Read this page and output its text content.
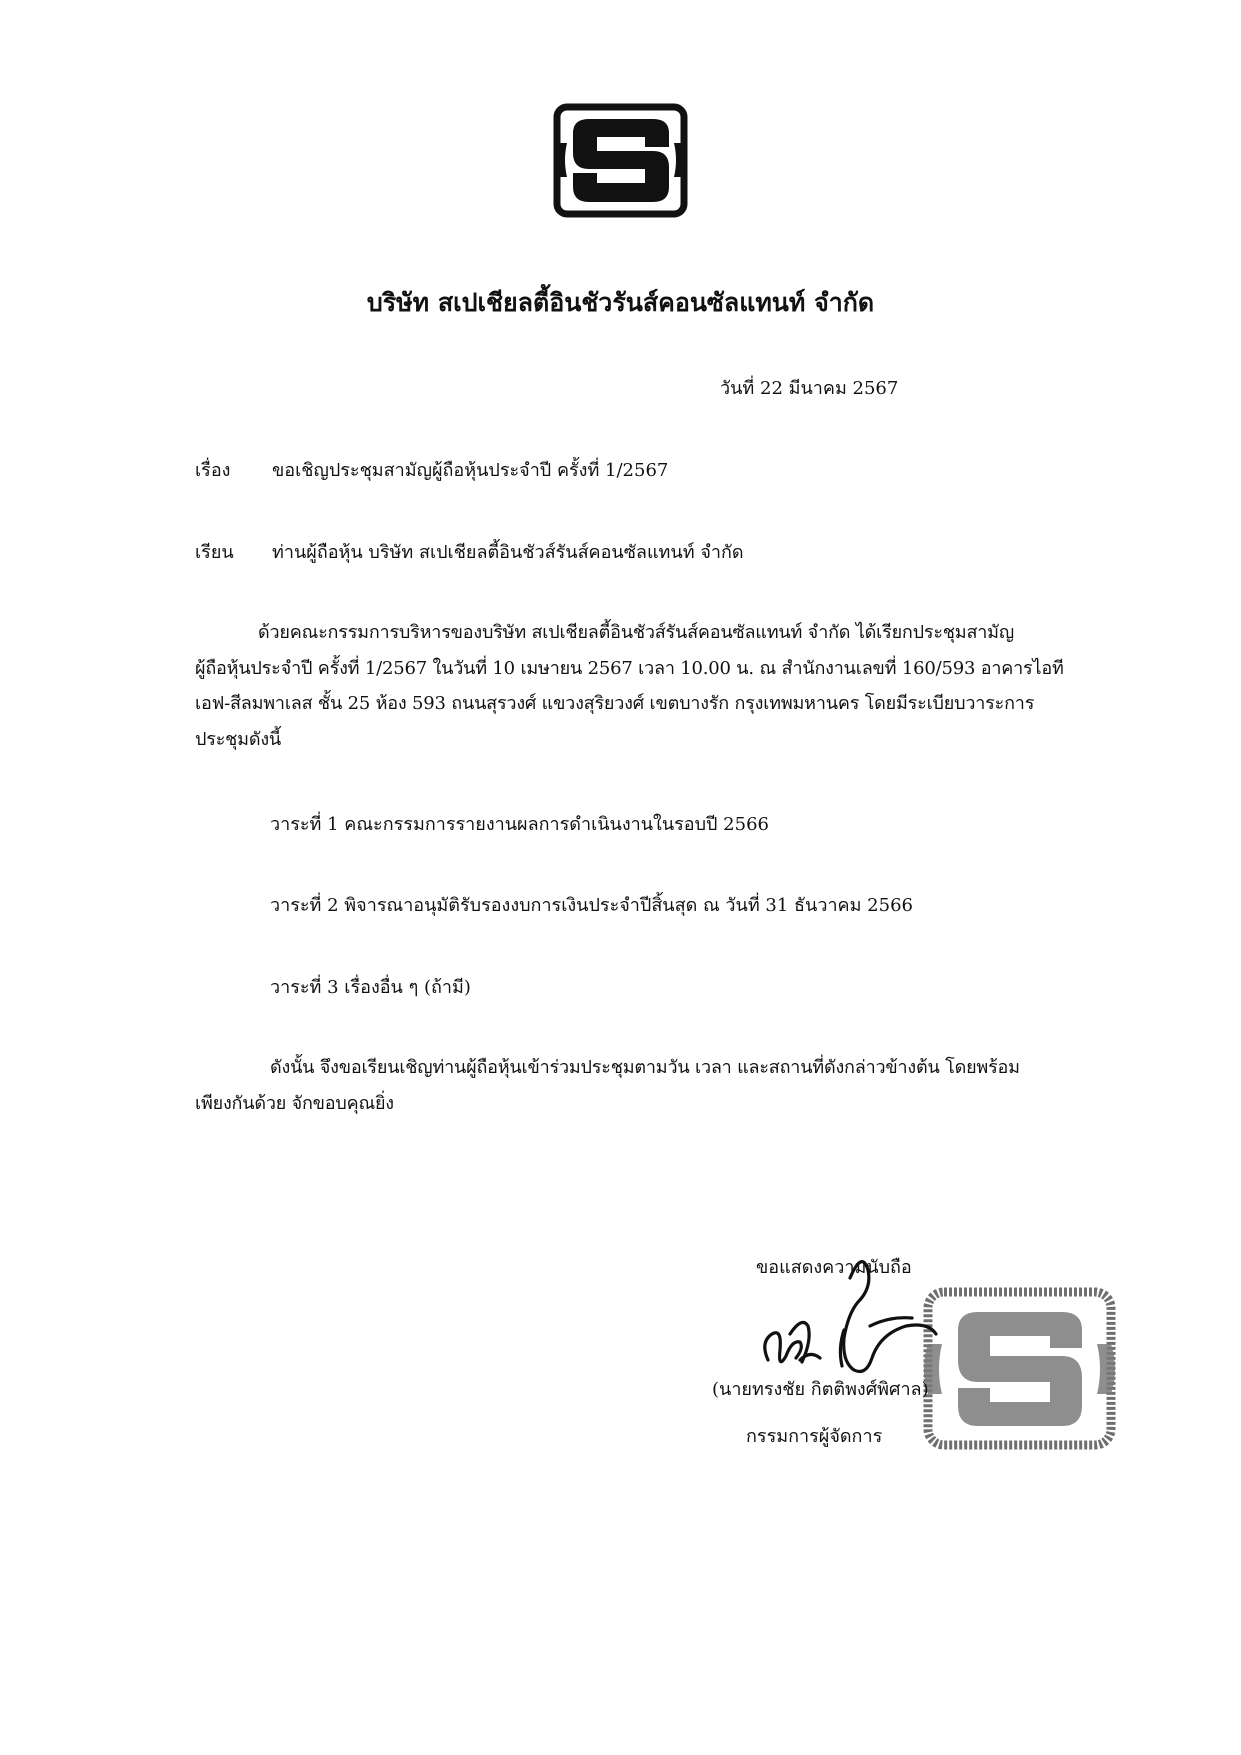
บริษัท สเปเชียลตี้อินชัวรันส์คอนซัลแทนท์ จำกัด
วันที่ 22 มีนาคม 2567
เรื่อง ขอเชิญประชุมสามัญผู้ถือหุ้นประจำปี ครั้งที่ 1/2567
เรียน ท่านผู้ถือหุ้น บริษัท สเปเชียลตี้อินชัวส์รันส์คอนซัลแทนท์ จำกัด
ด้วยคณะกรรมการบริหารของบริษัท สเปเชียลตี้อินชัวส์รันส์คอนซัลแทนท์ จำกัด ได้เรียกประชุมสามัญ
ผู้ถือหุ้นประจำปี ครั้งที่ 1/2567 ในวันที่ 10 เมษายน 2567 เวลา 10.00 น. ณ สำนักงานเลขที่ 160/593 อาคารไอที
เอฟ-สีลมพาเลส ชั้น 25 ห้อง 593 ถนนสุรวงศ์ แขวงสุริยวงศ์ เขตบางรัก กรุงเทพมหานคร โดยมีระเบียบวาระการ
ประชุมดังนี้
วาระที่ 1 คณะกรรมการรายงานผลการดำเนินงานในรอบปี 2566
วาระที่ 2 พิจารณาอนุมัติรับรองงบการเงินประจำปีสิ้นสุด ณ วันที่ 31 ธันวาคม 2566
วาระที่ 3 เรื่องอื่น ๆ (ถ้ามี)
ดังนั้น จึงขอเรียนเชิญท่านผู้ถือหุ้นเข้าร่วมประชุมตามวัน เวลา และสถานที่ดังกล่าวข้างต้น โดยพร้อม
เพียงกันด้วย จักขอบคุณยิ่ง
ขอแสดงความนับถือ
(นายทรงชัย กิตติพงศ์พิศาล)
กรรมการผู้จัดการ
